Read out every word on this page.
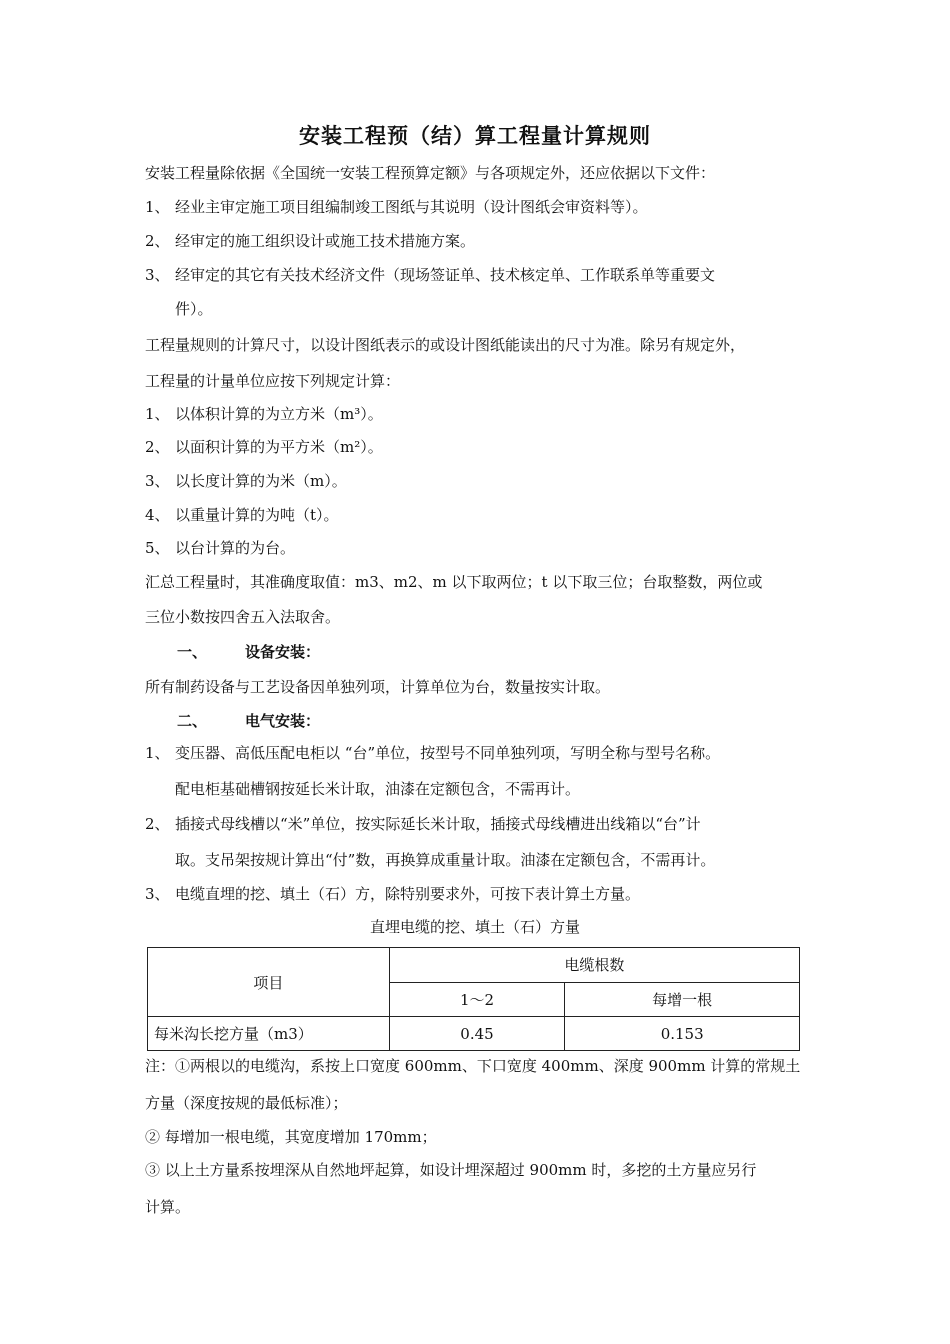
安装工程预（结）算工程量计算规则
安装工程量除依据《全国统一安装工程预算定额》与各项规定外，还应依据以下文件：
1、 经业主审定施工项目组编制竣工图纸与其说明（设计图纸会审资料等）。
2、 经审定的施工组织设计或施工技术措施方案。
3、 经审定的其它有关技术经济文件（现场签证单、技术核定单、工作联系单等重要文
件）。
工程量规则的计算尺寸，以设计图纸表示的或设计图纸能读出的尺寸为准。除另有规定外，
工程量的计量单位应按下列规定计算：
1、 以体积计算的为立方米（m³）。
2、 以面积计算的为平方米（m²）。
3、 以长度计算的为米（m）。
4、 以重量计算的为吨（t）。
5、 以台计算的为台。
汇总工程量时，其准确度取值：m3、m2、m 以下取两位；t 以下取三位；台取整数，两位或
三位小数按四舍五入法取舍。
一、	设备安装：
所有制药设备与工艺设备因单独列项，计算单位为台，数量按实计取。
二、	电气安装：
1、 变压器、高低压配电柜以 “台”单位，按型号不同单独列项，写明全称与型号名称。
配电柜基础槽钢按延长米计取，油漆在定额包含，不需再计。
2、 插接式母线槽以“米”单位，按实际延长米计取，插接式母线槽进出线箱以“台”计
取。支吊架按规计算出“付”数，再换算成重量计取。油漆在定额包含，不需再计。
3、 电缆直埋的挖、填土（石）方，除特别要求外，可按下表计算土方量。
直埋电缆的挖、填土（石）方量
项目	电缆根数	
	1～2	每增一根
每米沟长挖方量（m3）	0.45	0.153
注：①两根以的电缆沟，系按上口宽度 600mm、下口宽度 400mm、深度 900mm 计算的常规土
方量（深度按规的最低标准）；
② 每增加一根电缆，其宽度增加 170mm；
③ 以上土方量系按埋深从自然地坪起算，如设计埋深超过 900mm 时，多挖的土方量应另行
计算。
